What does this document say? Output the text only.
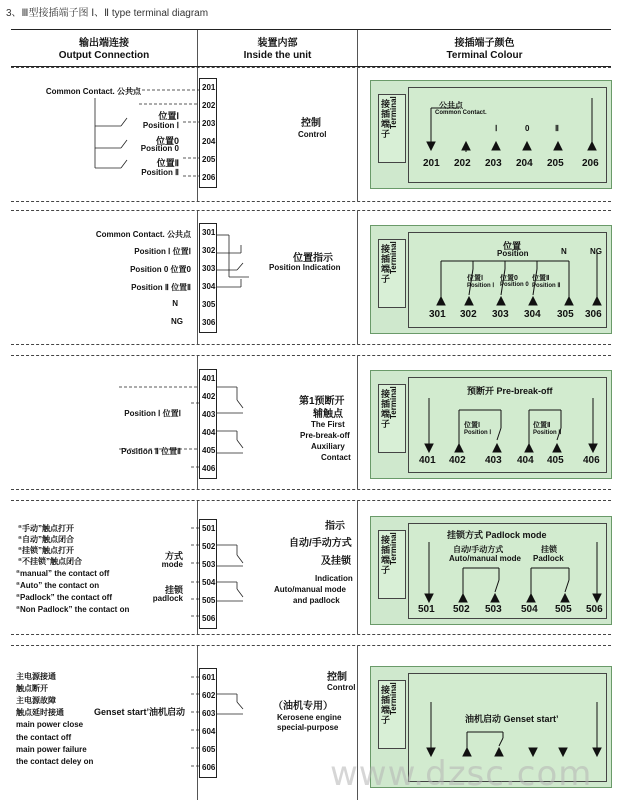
3、Ⅲ型接插端子图 Ⅰ、Ⅱ type terminal diagram
输出端连接
Output Connection
装置内部
Inside the unit
接插端子颜色
Terminal Colour
Common Contact. 公共点
位置Ⅰ
Position Ⅰ
位置0
Position 0
位置Ⅱ
Position Ⅱ
201
202
203
204
205
206
控制
Control
接插端子
Terminal	公共点
Common Contact.
Ⅰ	0	Ⅱ
201 202 203 204 205 206
Common Contact. 公共点
Position Ⅰ 位置Ⅰ
Position 0 位置0
Position Ⅱ 位置Ⅱ
N
NG
301
302
303
304
305
306
位置指示
Position Indication
接插端子
Terminal	位置
Position	N	NG
位置Ⅰ
Position Ⅰ
位置0
Position 0
位置Ⅱ
Position Ⅱ
301 302 303 304 305 306
Position Ⅰ 位置Ⅰ
Position Ⅱ 位置Ⅱ
401
402
403
404
405
406
第1预断开
辅触点
The First
Pre-break-off
Auxiliary
Contact
接插端子
Terminal	预断开 Pre-break-off
位置Ⅰ
Position Ⅰ
位置Ⅱ
Position Ⅱ
401 402 403 404 405 406
“手动”触点打开
“自动”触点闭合
“挂锁”触点打开
“不挂锁”触点闭合
“manual” the contact off
“Auto” the contact on
“Padlock” the contact off
“Non Padlock” the contact on
方式
mode
挂锁
padlock
501
502
503
504
505
506
指示
自动/手动方式
及挂锁
Indication
Auto/manual mode
and padlock
接插端子
Terminal	挂锁方式 Padlock mode
自动/手动方式
Auto/manual mode
挂锁
Padlock
501 502 503 504 505 506
主电源接通
触点断开
主电源故障
触点延时接通
main power close
the contact off
main power failure
the contact deley on
Genset start’油机启动
601
602
603
604
605
606
控制
Control
（油机专用）
Kerosene engine
special-purpose
接插端子
Terminal
油机启动 Genset start’
www.dzsc.com
